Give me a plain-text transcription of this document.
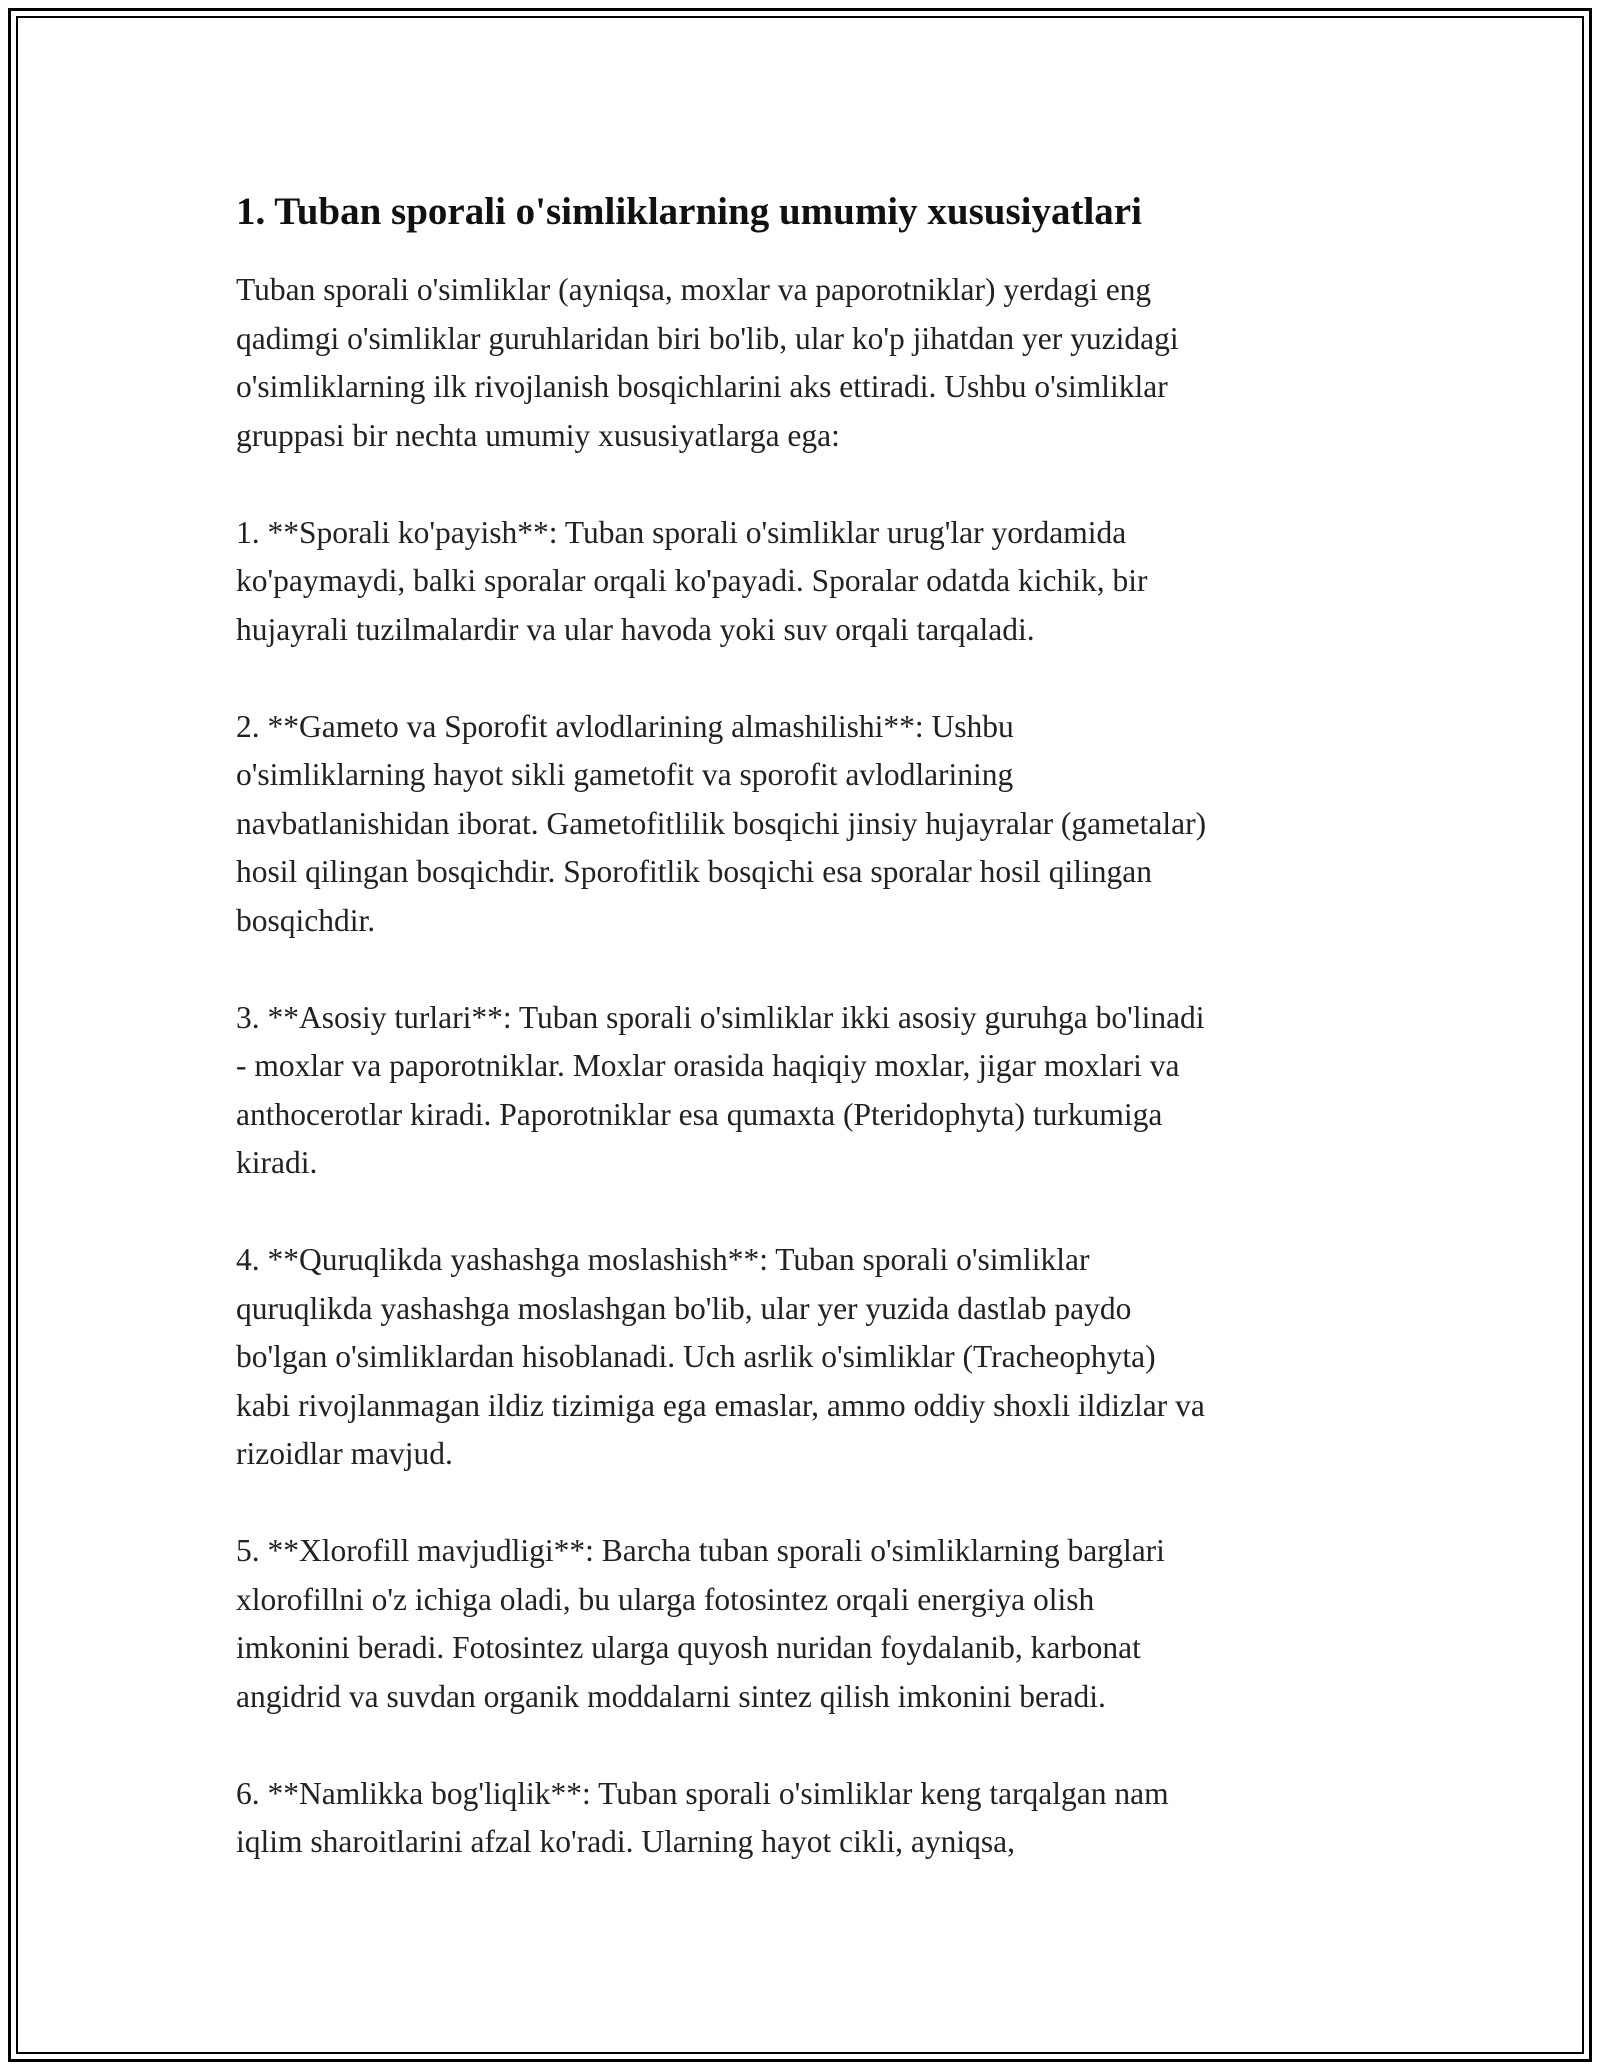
1. Tuban sporali o'simliklarning umumiy xususiyatlari

Tuban sporali o'simliklar (ayniqsa, moxlar va paporotniklar) yerdagi eng
qadimgi o'simliklar guruhlaridan biri bo'lib, ular ko'p jihatdan yer yuzidagi
o'simliklarning ilk rivojlanish bosqichlarini aks ettiradi. Ushbu o'simliklar
gruppasi bir nechta umumiy xususiyatlarga ega:

1. **Sporali ko'payish**: Tuban sporali o'simliklar urug'lar yordamida
ko'paymaydi, balki sporalar orqali ko'payadi. Sporalar odatda kichik, bir
hujayrali tuzilmalardir va ular havoda yoki suv orqali tarqaladi.

2. **Gameto va Sporofit avlodlarining almashilishi**: Ushbu
o'simliklarning hayot sikli gametofit va sporofit avlodlarining
navbatlanishidan iborat. Gametofitlilik bosqichi jinsiy hujayralar (gametalar)
hosil qilingan bosqichdir. Sporofitlik bosqichi esa sporalar hosil qilingan
bosqichdir.

3. **Asosiy turlari**: Tuban sporali o'simliklar ikki asosiy guruhga bo'linadi
- moxlar va paporotniklar. Moxlar orasida haqiqiy moxlar, jigar moxlari va
anthocerotlar kiradi. Paporotniklar esa qumaxta (Pteridophyta) turkumiga
kiradi.

4. **Quruqlikda yashashga moslashish**: Tuban sporali o'simliklar
quruqlikda yashashga moslashgan bo'lib, ular yer yuzida dastlab paydo
bo'lgan o'simliklardan hisoblanadi. Uch asrlik o'simliklar (Tracheophyta)
kabi rivojlanmagan ildiz tizimiga ega emaslar, ammo oddiy shoxli ildizlar va
rizoidlar mavjud.

5. **Xlorofill mavjudligi**: Barcha tuban sporali o'simliklarning barglari
xlorofillni o'z ichiga oladi, bu ularga fotosintez orqali energiya olish
imkonini beradi. Fotosintez ularga quyosh nuridan foydalanib, karbonat
angidrid va suvdan organik moddalarni sintez qilish imkonini beradi.

6. **Namlikka bog'liqlik**: Tuban sporali o'simliklar keng tarqalgan nam
iqlim sharoitlarini afzal ko'radi. Ularning hayot cikli, ayniqsa,
